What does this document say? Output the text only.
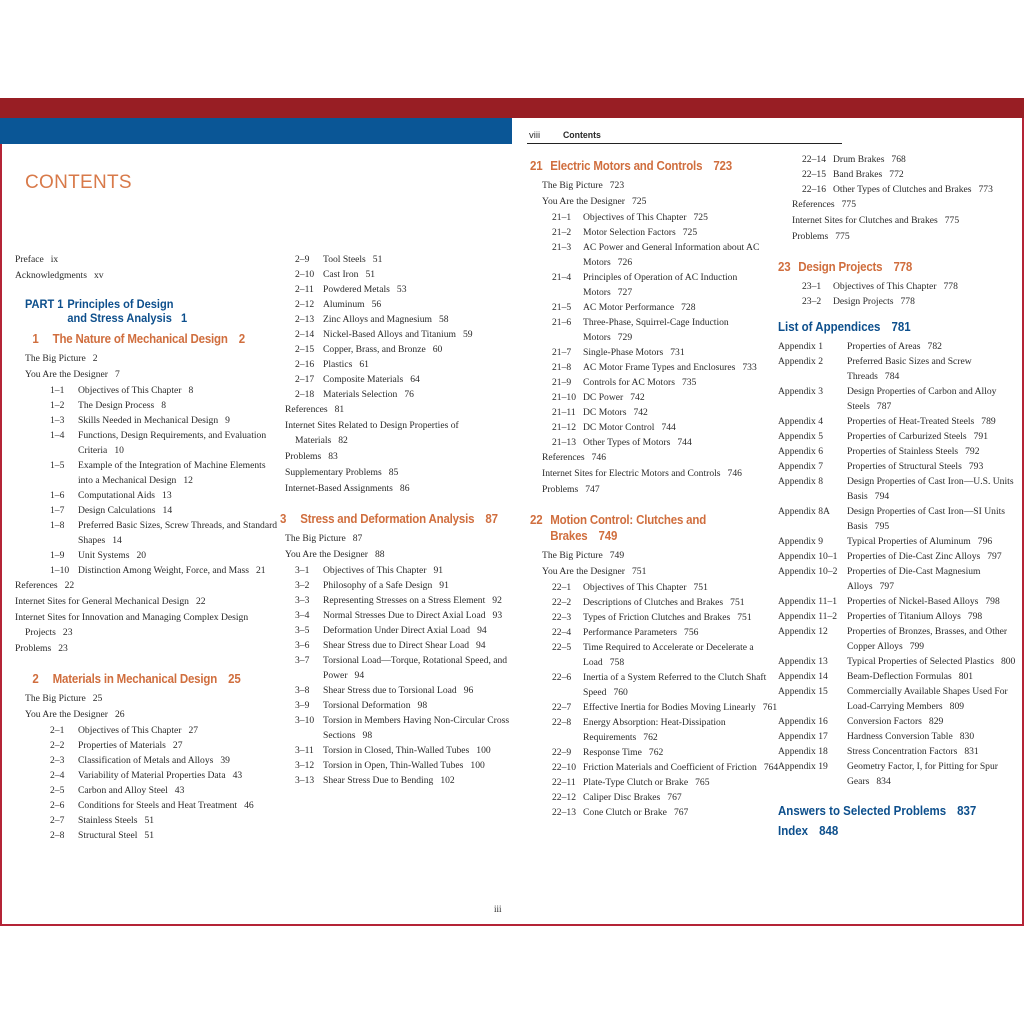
CONTENTS
Preface ix
Acknowledgments xv
PART 1 Principles of Design
and Stress Analysis 1
1 The Nature of Mechanical Design 2
The Big Picture 2
You Are the Designer 7
1–1	Objectives of This Chapter 8
1–2	The Design Process 8
1–3	Skills Needed in Mechanical Design 9
1–4	Functions, Design Requirements, and Evaluation Criteria 10
1–5	Example of the Integration of Machine Elements into a Mechanical Design 12
1–6	Computational Aids 13
1–7	Design Calculations 14
1–8	Preferred Basic Sizes, Screw Threads, and Standard Shapes 14
1–9	Unit Systems 20
1–10 Distinction Among Weight, Force, and Mass 21
References 22
Internet Sites for General Mechanical Design 22
Internet Sites for Innovation and Managing Complex Design Projects 23
Problems 23
2 Materials in Mechanical Design 25
The Big Picture 25
You Are the Designer 26
2–1	Objectives of This Chapter 27
2–2	Properties of Materials 27
2–3	Classification of Metals and Alloys 39
2–4	Variability of Material Properties Data 43
2–5	Carbon and Alloy Steel 43
2–6	Conditions for Steels and Heat Treatment 46
2–7	Stainless Steels 51
2–8	Structural Steel 51
2–9	Tool Steels 51
2–10 Cast Iron 51
2–11 Powdered Metals 53
2–12 Aluminum 56
2–13 Zinc Alloys and Magnesium 58
2–14 Nickel-Based Alloys and Titanium 59
2–15 Copper, Brass, and Bronze 60
2–16 Plastics 61
2–17 Composite Materials 64
2–18 Materials Selection 76
References 81
Internet Sites Related to Design Properties of Materials 82
Problems 83
Supplementary Problems 85
Internet-Based Assignments 86
3 Stress and Deformation Analysis 87
The Big Picture 87
You Are the Designer 88
3–1	Objectives of This Chapter 91
3–2	Philosophy of a Safe Design 91
3–3	Representing Stresses on a Stress Element 92
3–4	Normal Stresses Due to Direct Axial Load 93
3–5	Deformation Under Direct Axial Load 94
3–6	Shear Stress due to Direct Shear Load 94
3–7	Torsional Load—Torque, Rotational Speed, and Power 94
3–8	Shear Stress due to Torsional Load 96
3–9	Torsional Deformation 98
3–10 Torsion in Members Having Non-Circular Cross Sections 98
3–11 Torsion in Closed, Thin-Walled Tubes 100
3–12 Torsion in Open, Thin-Walled Tubes 100
3–13 Shear Stress Due to Bending 102
iii
viii Contents
21 Electric Motors and Controls 723
The Big Picture 723
You Are the Designer 725
21–1	Objectives of This Chapter 725
21–2	Motor Selection Factors 725
21–3	AC Power and General Information about AC Motors 726
21–4	Principles of Operation of AC Induction Motors 727
21–5	AC Motor Performance 728
21–6	Three-Phase, Squirrel-Cage Induction Motors 729
21–7	Single-Phase Motors 731
21–8	AC Motor Frame Types and Enclosures 733
21–9	Controls for AC Motors 735
21–10 DC Power 742
21–11 DC Motors 742
21–12 DC Motor Control 744
21–13 Other Types of Motors 744
References 746
Internet Sites for Electric Motors and Controls 746
Problems 747
22 Motion Control: Clutches and
Brakes 749
The Big Picture 749
You Are the Designer 751
22–1	Objectives of This Chapter 751
22–2	Descriptions of Clutches and Brakes 751
22–3	Types of Friction Clutches and Brakes 751
22–4	Performance Parameters 756
22–5	Time Required to Accelerate or Decelerate a Load 758
22–6	Inertia of a System Referred to the Clutch Shaft Speed 760
22–7	Effective Inertia for Bodies Moving Linearly 761
22–8	Energy Absorption: Heat-Dissipation Requirements 762
22–9	Response Time 762
22–10 Friction Materials and Coefficient of Friction 764
22–11 Plate-Type Clutch or Brake 765
22–12 Caliper Disc Brakes 767
22–13 Cone Clutch or Brake 767
22–14 Drum Brakes 768
22–15 Band Brakes 772
22–16 Other Types of Clutches and Brakes 773
References 775
Internet Sites for Clutches and Brakes 775
Problems 775
23 Design Projects 778
23–1	Objectives of This Chapter 778
23–2	Design Projects 778
List of Appendices 781
Appendix 1	Properties of Areas 782
Appendix 2	Preferred Basic Sizes and Screw Threads 784
Appendix 3	Design Properties of Carbon and Alloy Steels 787
Appendix 4	Properties of Heat-Treated Steels 789
Appendix 5	Properties of Carburized Steels 791
Appendix 6	Properties of Stainless Steels 792
Appendix 7	Properties of Structural Steels 793
Appendix 8	Design Properties of Cast Iron—U.S. Units Basis 794
Appendix 8A	Design Properties of Cast Iron—SI Units Basis 795
Appendix 9	Typical Properties of Aluminum 796
Appendix 10–1 Properties of Die-Cast Zinc Alloys 797
Appendix 10–2 Properties of Die-Cast Magnesium Alloys 797
Appendix 11–1	Properties of Nickel-Based Alloys 798
Appendix 11–2	Properties of Titanium Alloys 798
Appendix 12	Properties of Bronzes, Brasses, and Other Copper Alloys 799
Appendix 13	Typical Properties of Selected Plastics 800
Appendix 14	Beam-Deflection Formulas 801
Appendix 15	Commercially Available Shapes Used For Load-Carrying Members 809
Appendix 16	Conversion Factors 829
Appendix 17	Hardness Conversion Table 830
Appendix 18	Stress Concentration Factors 831
Appendix 19	Geometry Factor, I, for Pitting for Spur Gears 834
Answers to Selected Problems 837
Index 848
